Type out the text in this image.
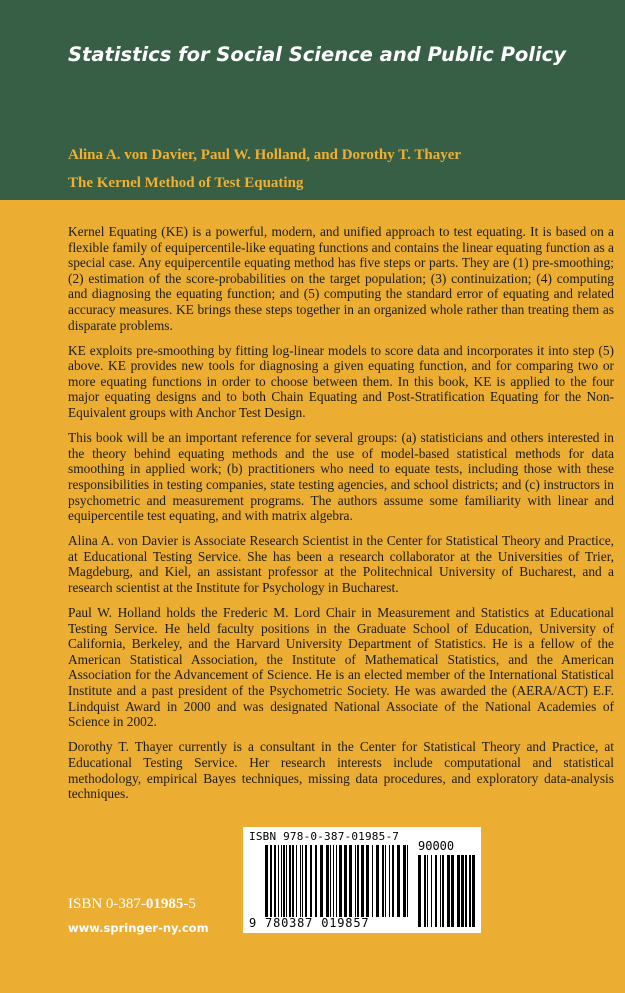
Statistics for Social Science and Public Policy
Alina A. von Davier, Paul W. Holland, and Dorothy T. Thayer
The Kernel Method of Test Equating

Kernel Equating (KE) is a powerful, modern, and unified approach to test equating. It is based on a flexible family of equipercentile-like equating functions and contains the linear equating function as a special case. Any equipercentile equating method has five steps or parts. They are (1) pre-smoothing; (2) estimation of the score-probabilities on the target population; (3) continuization; (4) computing and diagnosing the equating function; and (5) computing the standard error of equating and related accuracy measures. KE brings these steps together in an organized whole rather than treating them as disparate problems.

KE exploits pre-smoothing by fitting log-linear models to score data and incorporates it into step (5) above. KE provides new tools for diagnosing a given equating function, and for comparing two or more equating functions in order to choose between them. In this book, KE is applied to the four major equating designs and to both Chain Equating and Post-Stratification Equating for the Non-Equivalent groups with Anchor Test Design.

This book will be an important reference for several groups: (a) statisticians and others interested in the theory behind equating methods and the use of model-based statistical methods for data smoothing in applied work; (b) practitioners who need to equate tests, including those with these responsibilities in testing companies, state testing agencies, and school districts; and (c) instructors in psychometric and measurement programs. The authors assume some familiarity with linear and equipercentile test equating, and with matrix algebra.

Alina A. von Davier is Associate Research Scientist in the Center for Statistical Theory and Practice, at Educational Testing Service. She has been a research collaborator at the Universities of Trier, Magdeburg, and Kiel, an assistant professor at the Politechnical University of Bucharest, and a research scientist at the Institute for Psychology in Bucharest.

Paul W. Holland holds the Frederic M. Lord Chair in Measurement and Statistics at Educational Testing Service. He held faculty positions in the Graduate School of Education, University of California, Berkeley, and the Harvard University Department of Statistics. He is a fellow of the American Statistical Association, the Institute of Mathematical Statistics, and the American Association for the Advancement of Science. He is an elected member of the International Statistical Institute and a past president of the Psychometric Society. He was awarded the (AERA/ACT) E.F. Lindquist Award in 2000 and was designated National Associate of the National Academies of Science in 2002.

Dorothy T. Thayer currently is a consultant in the Center for Statistical Theory and Practice, at Educational Testing Service. Her research interests include computational and statistical methodology, empirical Bayes techniques, missing data procedures, and exploratory data-analysis techniques.

ISBN 0-387-01985-5
www.springer-ny.com
ISBN 978-0-387-01985-7
90000
9 780387 019857
